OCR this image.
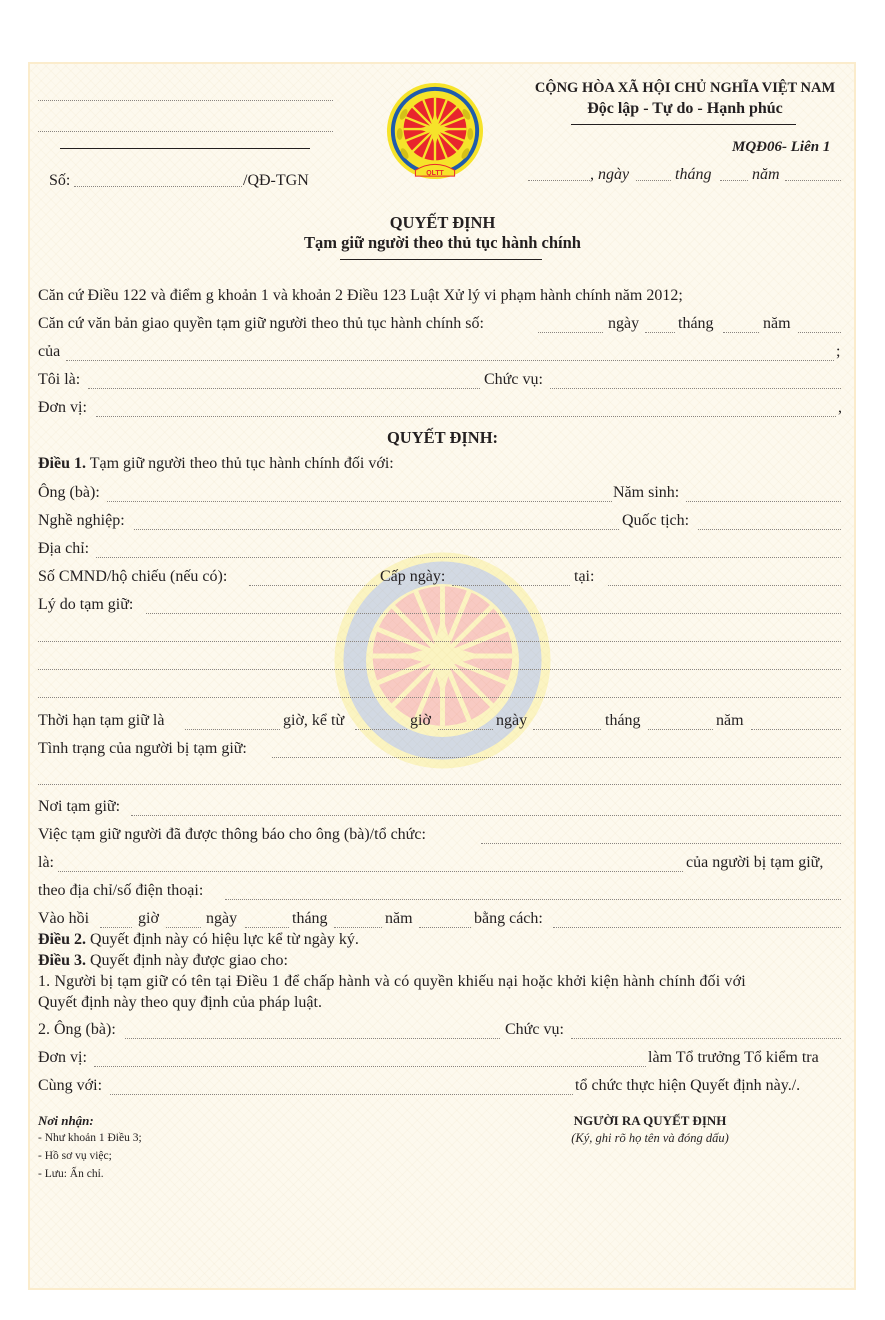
Số:	/QĐ-TGN	QLTT
CỘNG HÒA XÃ HỘI CHỦ NGHĨA VIỆT NAM
Độc lập - Tự do - Hạnh phúc
MQĐ06- Liên 1
, ngày	tháng	năm
QUYẾT ĐỊNH
Tạm giữ người theo thủ tục hành chính
Căn cứ Điều 122 và điểm g khoản 1 và khoản 2 Điều 123 Luật Xử lý vi phạm hành chính năm 2012;
Căn cứ văn bản giao quyền tạm giữ người theo thủ tục hành chính số:	ngày tháng	năm
của	;
Tôi là:	Chức vụ:
Đơn vị:	,
QUYẾT ĐỊNH:
Điều 1. Tạm giữ người theo thủ tục hành chính đối với:
Ông (bà):	Năm sinh:
Nghề nghiệp:	Quốc tịch:
Địa chỉ:
Số CMND/hộ chiếu (nếu có):	Cấp ngày:	tại:
Lý do tạm giữ:
Thời hạn tạm giữ là	giờ, kể từ	giờ	ngày	tháng	năm
Tình trạng của người bị tạm giữ:
Nơi tạm giữ:
Việc tạm giữ người đã được thông báo cho ông (bà)/tổ chức:
là:	của người bị tạm giữ,
theo địa chỉ/số điện thoại:
Vào hồi	giờ	ngày	tháng	năm	bằng cách:
Điều 2. Quyết định này có hiệu lực kể từ ngày ký.
Điều 3. Quyết định này được giao cho:
1. Người bị tạm giữ có tên tại Điều 1 để chấp hành và có quyền khiếu nại hoặc khởi kiện hành chính đối với
Quyết định này theo quy định của pháp luật.
2. Ông (bà):	Chức vụ:
Đơn vị:	làm Tổ trưởng Tổ kiểm tra
Cùng với:	tổ chức thực hiện Quyết định này./.
Nơi nhận:
- Như khoản 1 Điều 3;
- Hồ sơ vụ việc;
- Lưu: Ấn chỉ.
NGƯỜI RA QUYẾT ĐỊNH
(Ký, ghi rõ họ tên và đóng dấu)
